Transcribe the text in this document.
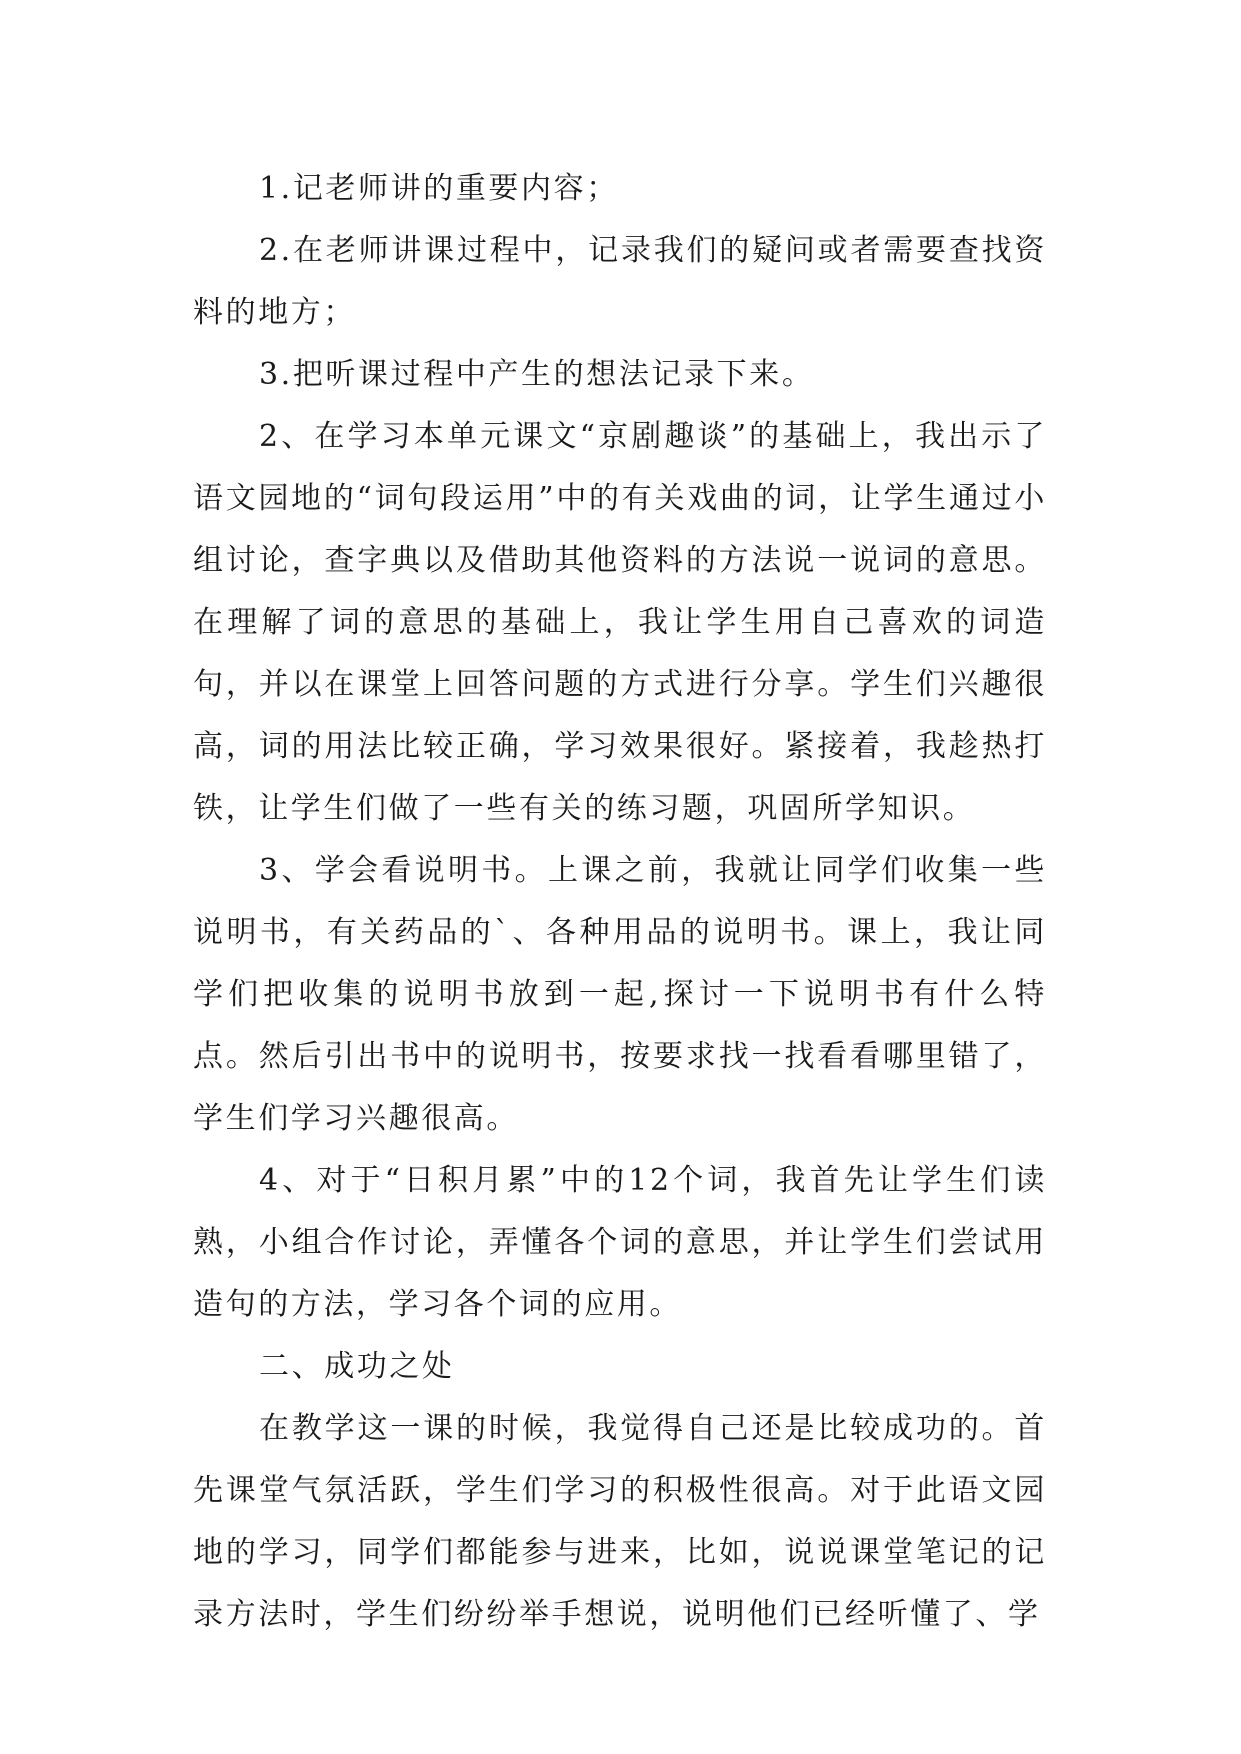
1.记老师讲的重要内容；

2.在老师讲课过程中，记录我们的疑问或者需要查找资料的地方；

3.把听课过程中产生的想法记录下来。

2、在学习本单元课文“京剧趣谈”的基础上，我出示了语文园地的“词句段运用”中的有关戏曲的词，让学生通过小组讨论，查字典以及借助其他资料的方法说一说词的意思。在理解了词的意思的基础上，我让学生用自己喜欢的词造句，并以在课堂上回答问题的方式进行分享。学生们兴趣很高，词的用法比较正确，学习效果很好。紧接着，我趁热打铁，让学生们做了一些有关的练习题，巩固所学知识。

3、学会看说明书。上课之前，我就让同学们收集一些说明书，有关药品的`、各种用品的说明书。课上，我让同学们把收集的说明书放到一起,探讨一下说明书有什么特点。然后引出书中的说明书，按要求找一找看看哪里错了，学生们学习兴趣很高。

4、对于“日积月累”中的12个词，我首先让学生们读熟，小组合作讨论，弄懂各个词的意思，并让学生们尝试用造句的方法，学习各个词的应用。

二、成功之处

在教学这一课的时候，我觉得自己还是比较成功的。首先课堂气氛活跃，学生们学习的积极性很高。对于此语文园地的学习，同学们都能参与进来，比如，说说课堂笔记的记录方法时，学生们纷纷举手想说，说明他们已经听懂了、学
